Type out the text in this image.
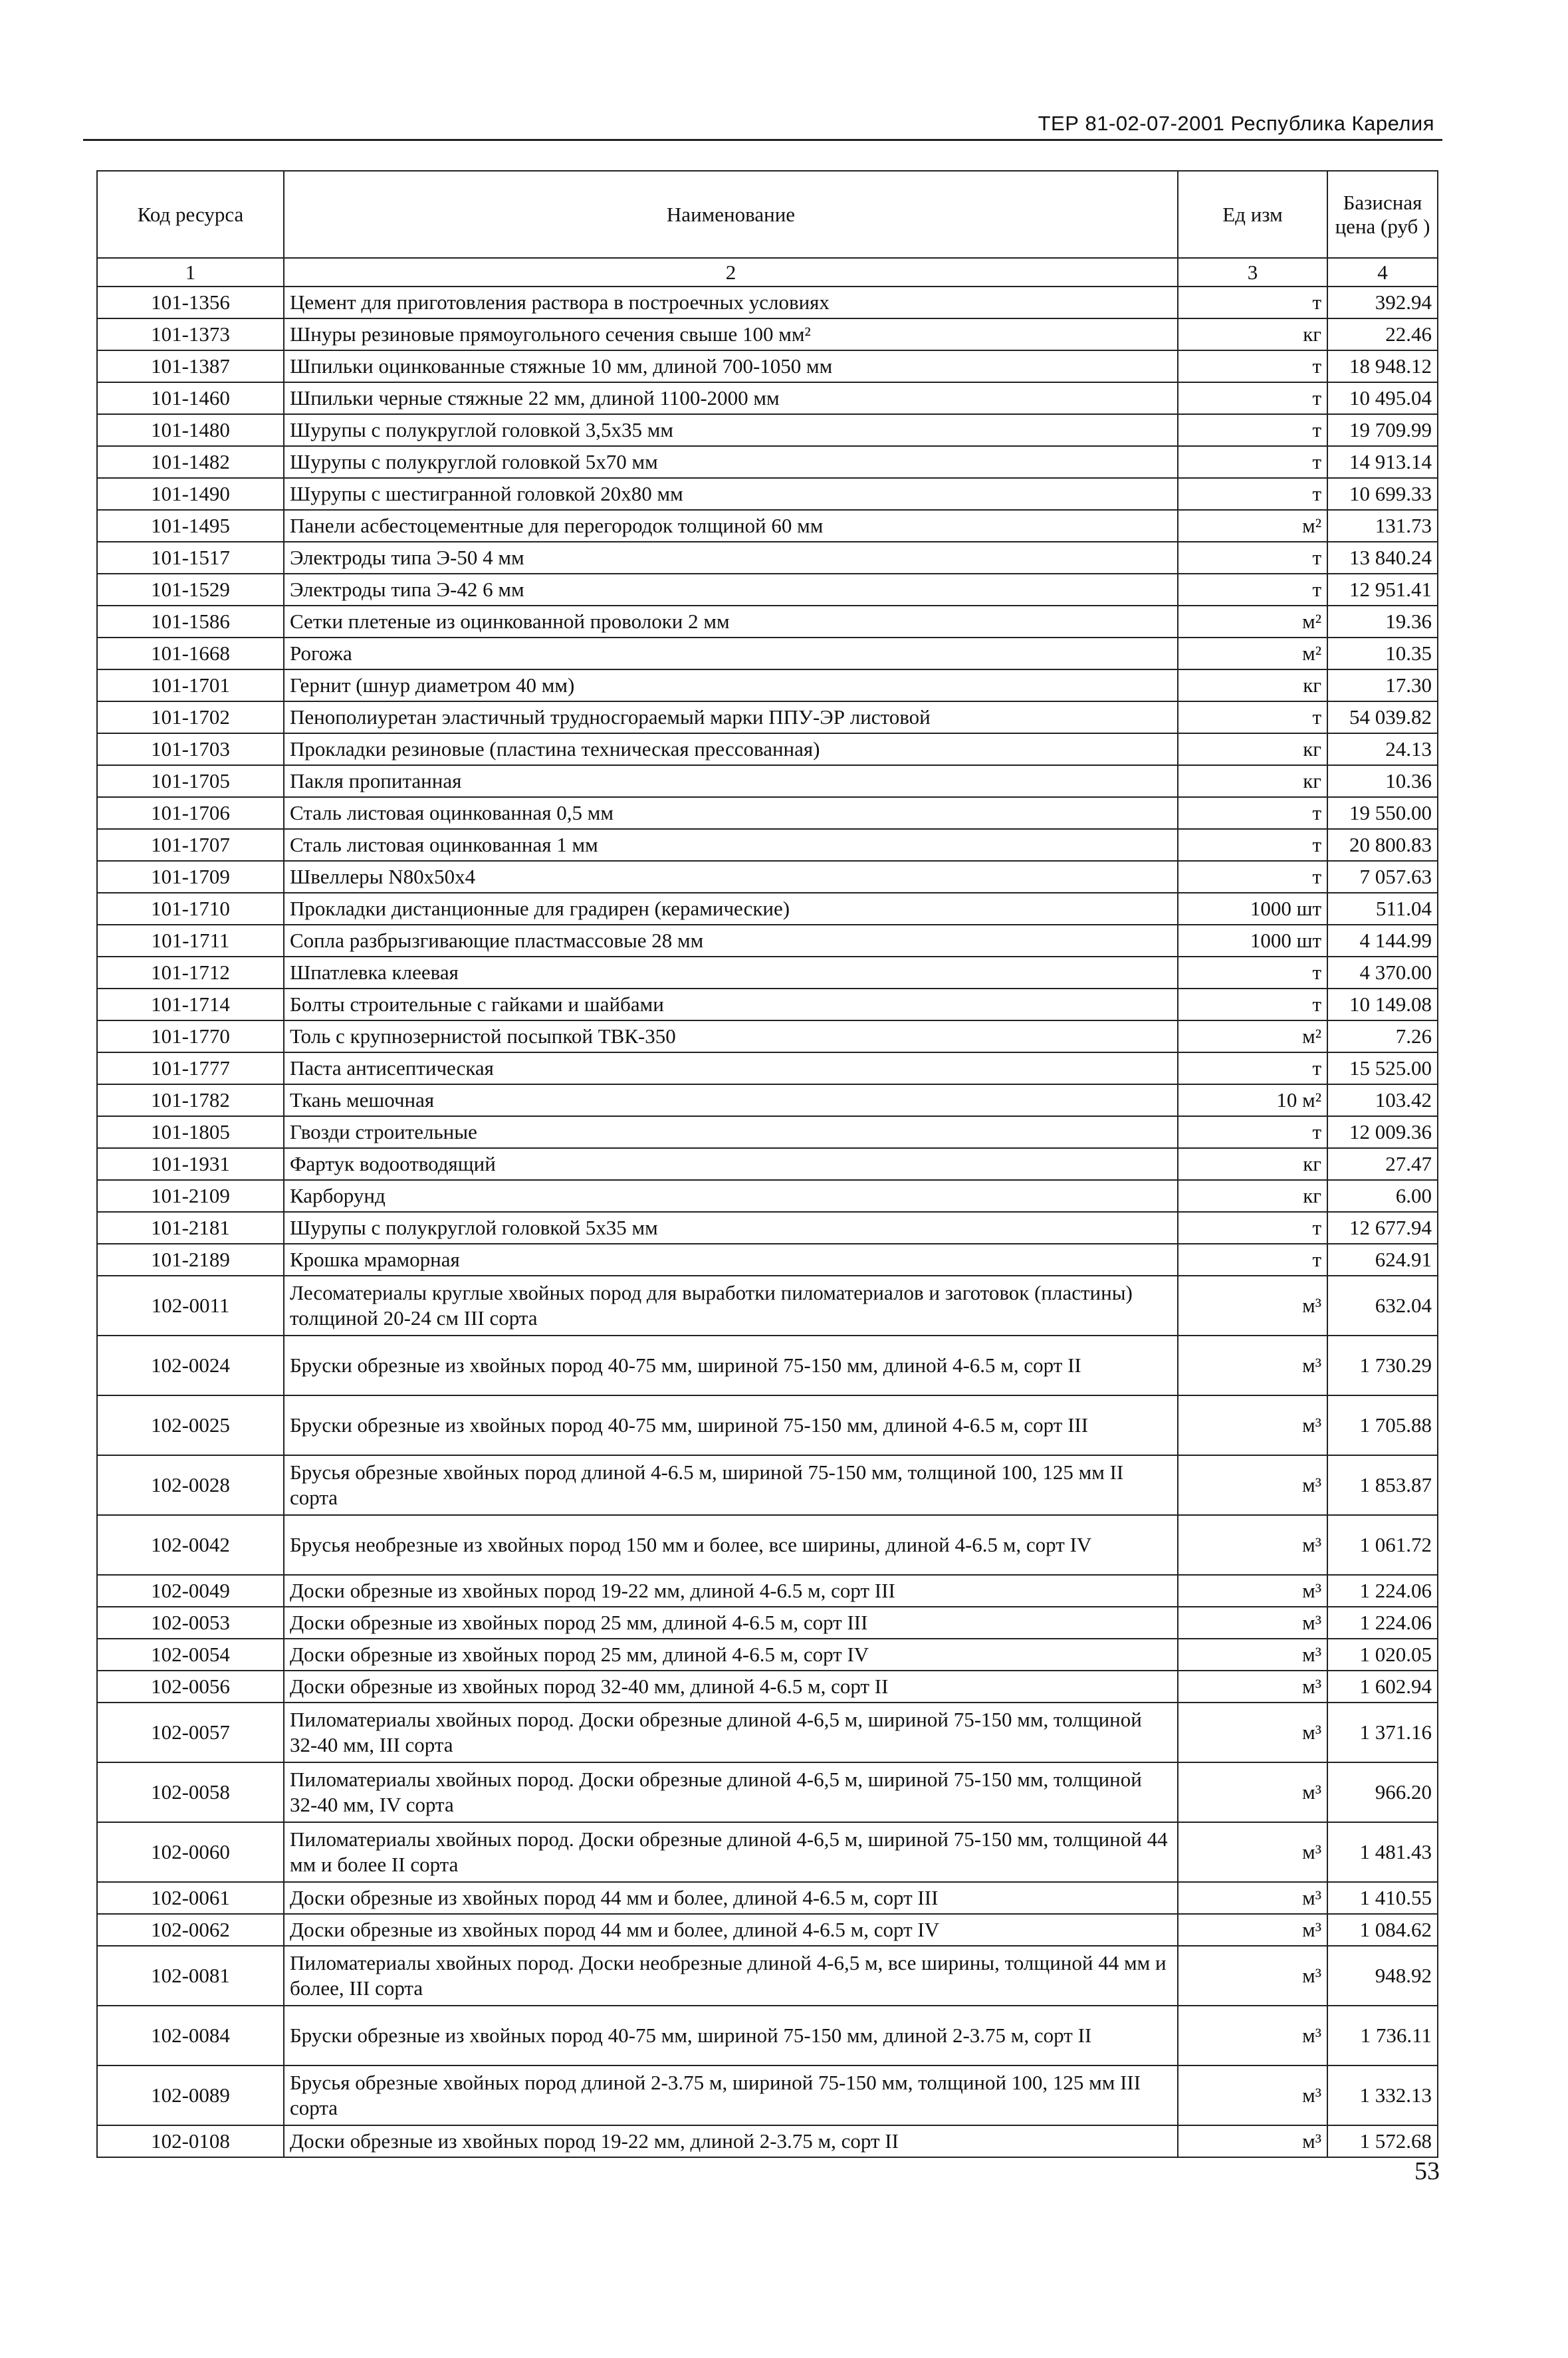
ТЕР 81-02-07-2001 Республика Карелия
Код ресурса	Наименование	Ед изм	Базисная цена (руб )
1	2	3	4
101-1356	Цемент для приготовления раствора в построечных условиях	т	392.94
101-1373	Шнуры резиновые прямоугольного сечения свыше 100 мм²	кг	22.46
101-1387	Шпильки оцинкованные стяжные 10 мм, длиной 700-1050 мм	т	18 948.12
101-1460	Шпильки черные стяжные 22 мм, длиной 1100-2000 мм	т	10 495.04
101-1480	Шурупы с полукруглой головкой 3,5х35 мм	т	19 709.99
101-1482	Шурупы с полукруглой головкой 5х70 мм	т	14 913.14
101-1490	Шурупы с шестигранной головкой 20х80 мм	т	10 699.33
101-1495	Панели асбестоцементные для перегородок толщиной 60 мм	м²	131.73
101-1517	Электроды типа Э-50 4 мм	т	13 840.24
101-1529	Электроды типа Э-42 6 мм	т	12 951.41
101-1586	Сетки плетеные из оцинкованной проволоки 2 мм	м²	19.36
101-1668	Рогожа	м²	10.35
101-1701	Гернит (шнур диаметром 40 мм)	кг	17.30
101-1702	Пенополиуретан эластичный трудносгораемый марки ППУ-ЭР листовой	т	54 039.82
101-1703	Прокладки резиновые (пластина техническая прессованная)	кг	24.13
101-1705	Пакля пропитанная	кг	10.36
101-1706	Сталь листовая оцинкованная 0,5 мм	т	19 550.00
101-1707	Сталь листовая оцинкованная 1 мм	т	20 800.83
101-1709	Швеллеры N80х50х4	т	7 057.63
101-1710	Прокладки дистанционные для градирен (керамические)	1000 шт	511.04
101-1711	Сопла разбрызгивающие пластмассовые 28 мм	1000 шт	4 144.99
101-1712	Шпатлевка клеевая	т	4 370.00
101-1714	Болты строительные с гайками и шайбами	т	10 149.08
101-1770	Толь с крупнозернистой посыпкой ТВК-350	м²	7.26
101-1777	Паста антисептическая	т	15 525.00
101-1782	Ткань мешочная	10 м²	103.42
101-1805	Гвозди строительные	т	12 009.36
101-1931	Фартук водоотводящий	кг	27.47
101-2109	Карборунд	кг	6.00
101-2181	Шурупы с полукруглой головкой 5х35 мм	т	12 677.94
101-2189	Крошка мраморная	т	624.91
102-0011	Лесоматериалы круглые хвойных пород для выработки пиломатериалов и заготовок (пластины) толщиной 20-24 см III сорта	м³	632.04
102-0024	Бруски обрезные из хвойных пород 40-75 мм, шириной 75-150 мм, длиной 4-6.5 м, сорт II	м³	1 730.29
102-0025	Бруски обрезные из хвойных пород 40-75 мм, шириной 75-150 мм, длиной 4-6.5 м, сорт III	м³	1 705.88
102-0028	Брусья обрезные хвойных пород длиной 4-6.5 м, шириной 75-150 мм, толщиной 100, 125 мм II сорта	м³	1 853.87
102-0042	Брусья необрезные из хвойных пород 150 мм и более, все ширины, длиной 4-6.5 м, сорт IV	м³	1 061.72
102-0049	Доски обрезные из хвойных пород 19-22 мм, длиной 4-6.5 м, сорт III	м³	1 224.06
102-0053	Доски обрезные из хвойных пород 25 мм, длиной 4-6.5 м, сорт III	м³	1 224.06
102-0054	Доски обрезные из хвойных пород 25 мм, длиной 4-6.5 м, сорт IV	м³	1 020.05
102-0056	Доски обрезные из хвойных пород 32-40 мм, длиной 4-6.5 м, сорт II	м³	1 602.94
102-0057	Пиломатериалы хвойных пород. Доски обрезные длиной 4-6,5 м, шириной 75-150 мм, толщиной 32-40 мм, III сорта	м³	1 371.16
102-0058	Пиломатериалы хвойных пород. Доски обрезные длиной 4-6,5 м, шириной 75-150 мм, толщиной 32-40 мм, IV сорта	м³	966.20
102-0060	Пиломатериалы хвойных пород. Доски обрезные длиной 4-6,5 м, шириной 75-150 мм, толщиной 44 мм и более II сорта	м³	1 481.43
102-0061	Доски обрезные из хвойных пород 44 мм и более, длиной 4-6.5 м, сорт III	м³	1 410.55
102-0062	Доски обрезные из хвойных пород 44 мм и более, длиной 4-6.5 м, сорт IV	м³	1 084.62
102-0081	Пиломатериалы хвойных пород. Доски необрезные длиной 4-6,5 м, все ширины, толщиной 44 мм и более, III сорта	м³	948.92
102-0084	Бруски обрезные из хвойных пород 40-75 мм, шириной 75-150 мм, длиной 2-3.75 м, сорт II	м³	1 736.11
102-0089	Брусья обрезные хвойных пород длиной 2-3.75 м, шириной 75-150 мм, толщиной 100, 125 мм III сорта	м³	1 332.13
102-0108	Доски обрезные из хвойных пород 19-22 мм, длиной 2-3.75 м, сорт II	м³	1 572.68
53
